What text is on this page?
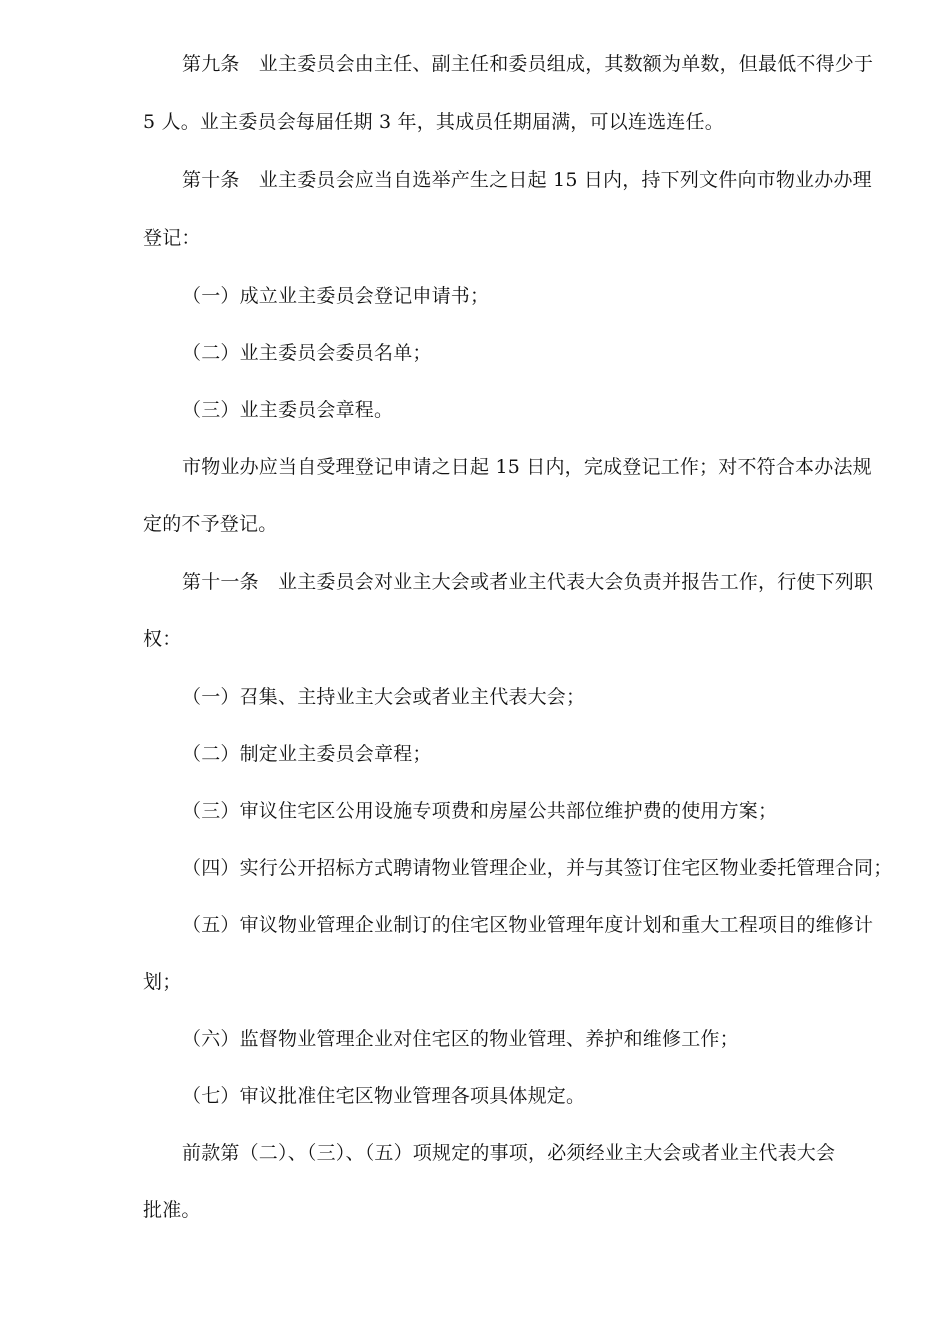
第九条　业主委员会由主任、副主任和委员组成，其数额为单数，但最低不得少于
5 人。业主委员会每届任期 3 年，其成员任期届满，可以连选连任。
第十条　业主委员会应当自选举产生之日起 15 日内，持下列文件向市物业办办理
登记：
（一）成立业主委员会登记申请书；
（二）业主委员会委员名单；
（三）业主委员会章程。
市物业办应当自受理登记申请之日起 15 日内，完成登记工作；对不符合本办法规
定的不予登记。
第十一条　业主委员会对业主大会或者业主代表大会负责并报告工作，行使下列职
权：
（一）召集、主持业主大会或者业主代表大会；
（二）制定业主委员会章程；
（三）审议住宅区公用设施专项费和房屋公共部位维护费的使用方案；
（四）实行公开招标方式聘请物业管理企业，并与其签订住宅区物业委托管理合同；
（五）审议物业管理企业制订的住宅区物业管理年度计划和重大工程项目的维修计
划；
（六）监督物业管理企业对住宅区的物业管理、养护和维修工作；
（七）审议批准住宅区物业管理各项具体规定。
前款第（二）、（三）、（五）项规定的事项，必须经业主大会或者业主代表大会
批准。
